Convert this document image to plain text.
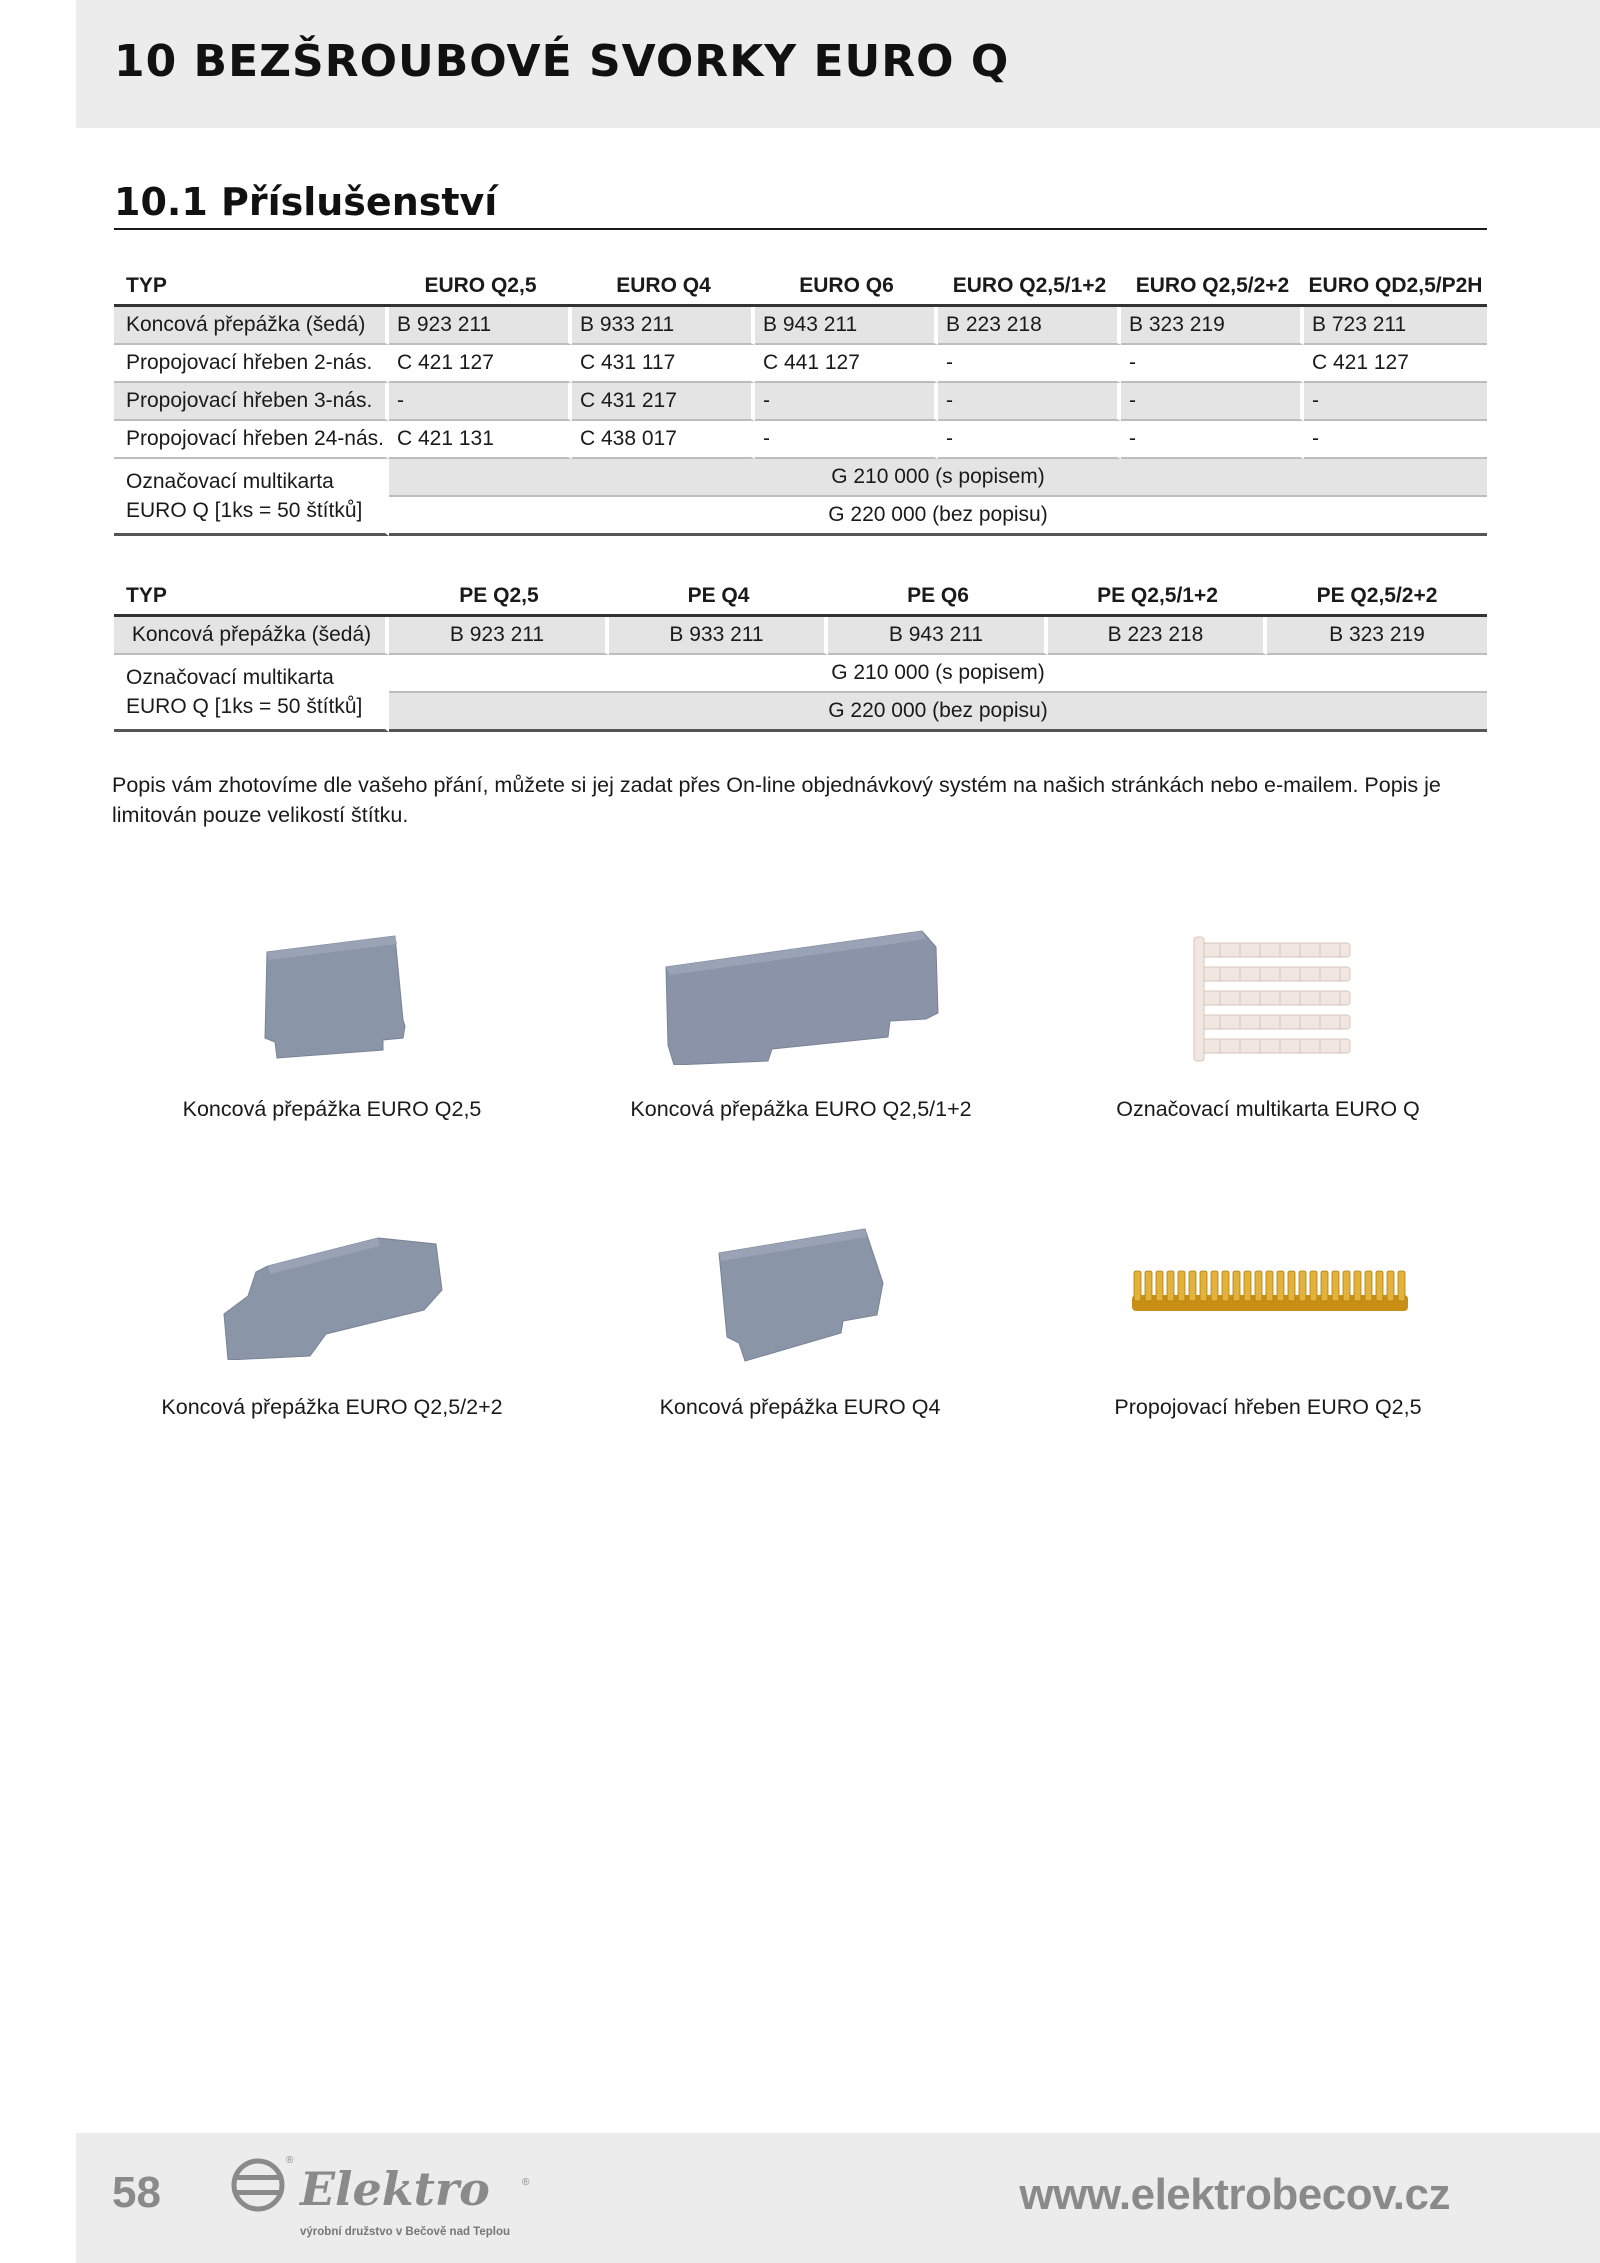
10 BEZŠROUBOVÉ SVORKY EURO Q
10.1 Příslušenství
TYP	EURO Q2,5	EURO Q4	EURO Q6	EURO Q2,5/1+2	EURO Q2,5/2+2	EURO QD2,5/P2H
Koncová přepážka (šedá)	B 923 211	B 933 211	B 943 211	B 223 218	B 323 219	B 723 211
Propojovací hřeben 2-nás.	C 421 127	C 431 117	C 441 127	-	-	C 421 127
Propojovací hřeben 3-nás.	-	C 431 217	-	-	-	-
Propojovací hřeben 24-nás.	C 421 131	C 438 017	-	-	-	-
Označovací multikarta
EURO Q [1ks = 50 štítků]	G 210 000 (s popisem)					
	G 220 000 (bez popisu)					
TYP	PE Q2,5	PE Q4	PE Q6	PE Q2,5/1+2	PE Q2,5/2+2
Koncová přepážka (šedá)	B 923 211	B 933 211	B 943 211	B 223 218	B 323 219
Označovací multikarta
EURO Q [1ks = 50 štítků]	G 210 000 (s popisem)				
	G 220 000 (bez popisu)				

Popis vám zhotovíme dle vašeho přání, můžete si jej zadat přes On-line objednávkový systém na našich stránkách nebo e-mailem. Popis je limitován pouze velikostí štítku.

Koncová přepážka EURO Q2,5	Koncová přepážka EURO Q2,5/1+2	Označovací multikarta EURO Q
Koncová přepážka EURO Q2,5/2+2	Koncová přepážka EURO Q4	Propojovací hřeben EURO Q2,5
58
®
Elektro	®
výrobní družstvo v Bečově nad Teplou
www.elektrobecov.cz
